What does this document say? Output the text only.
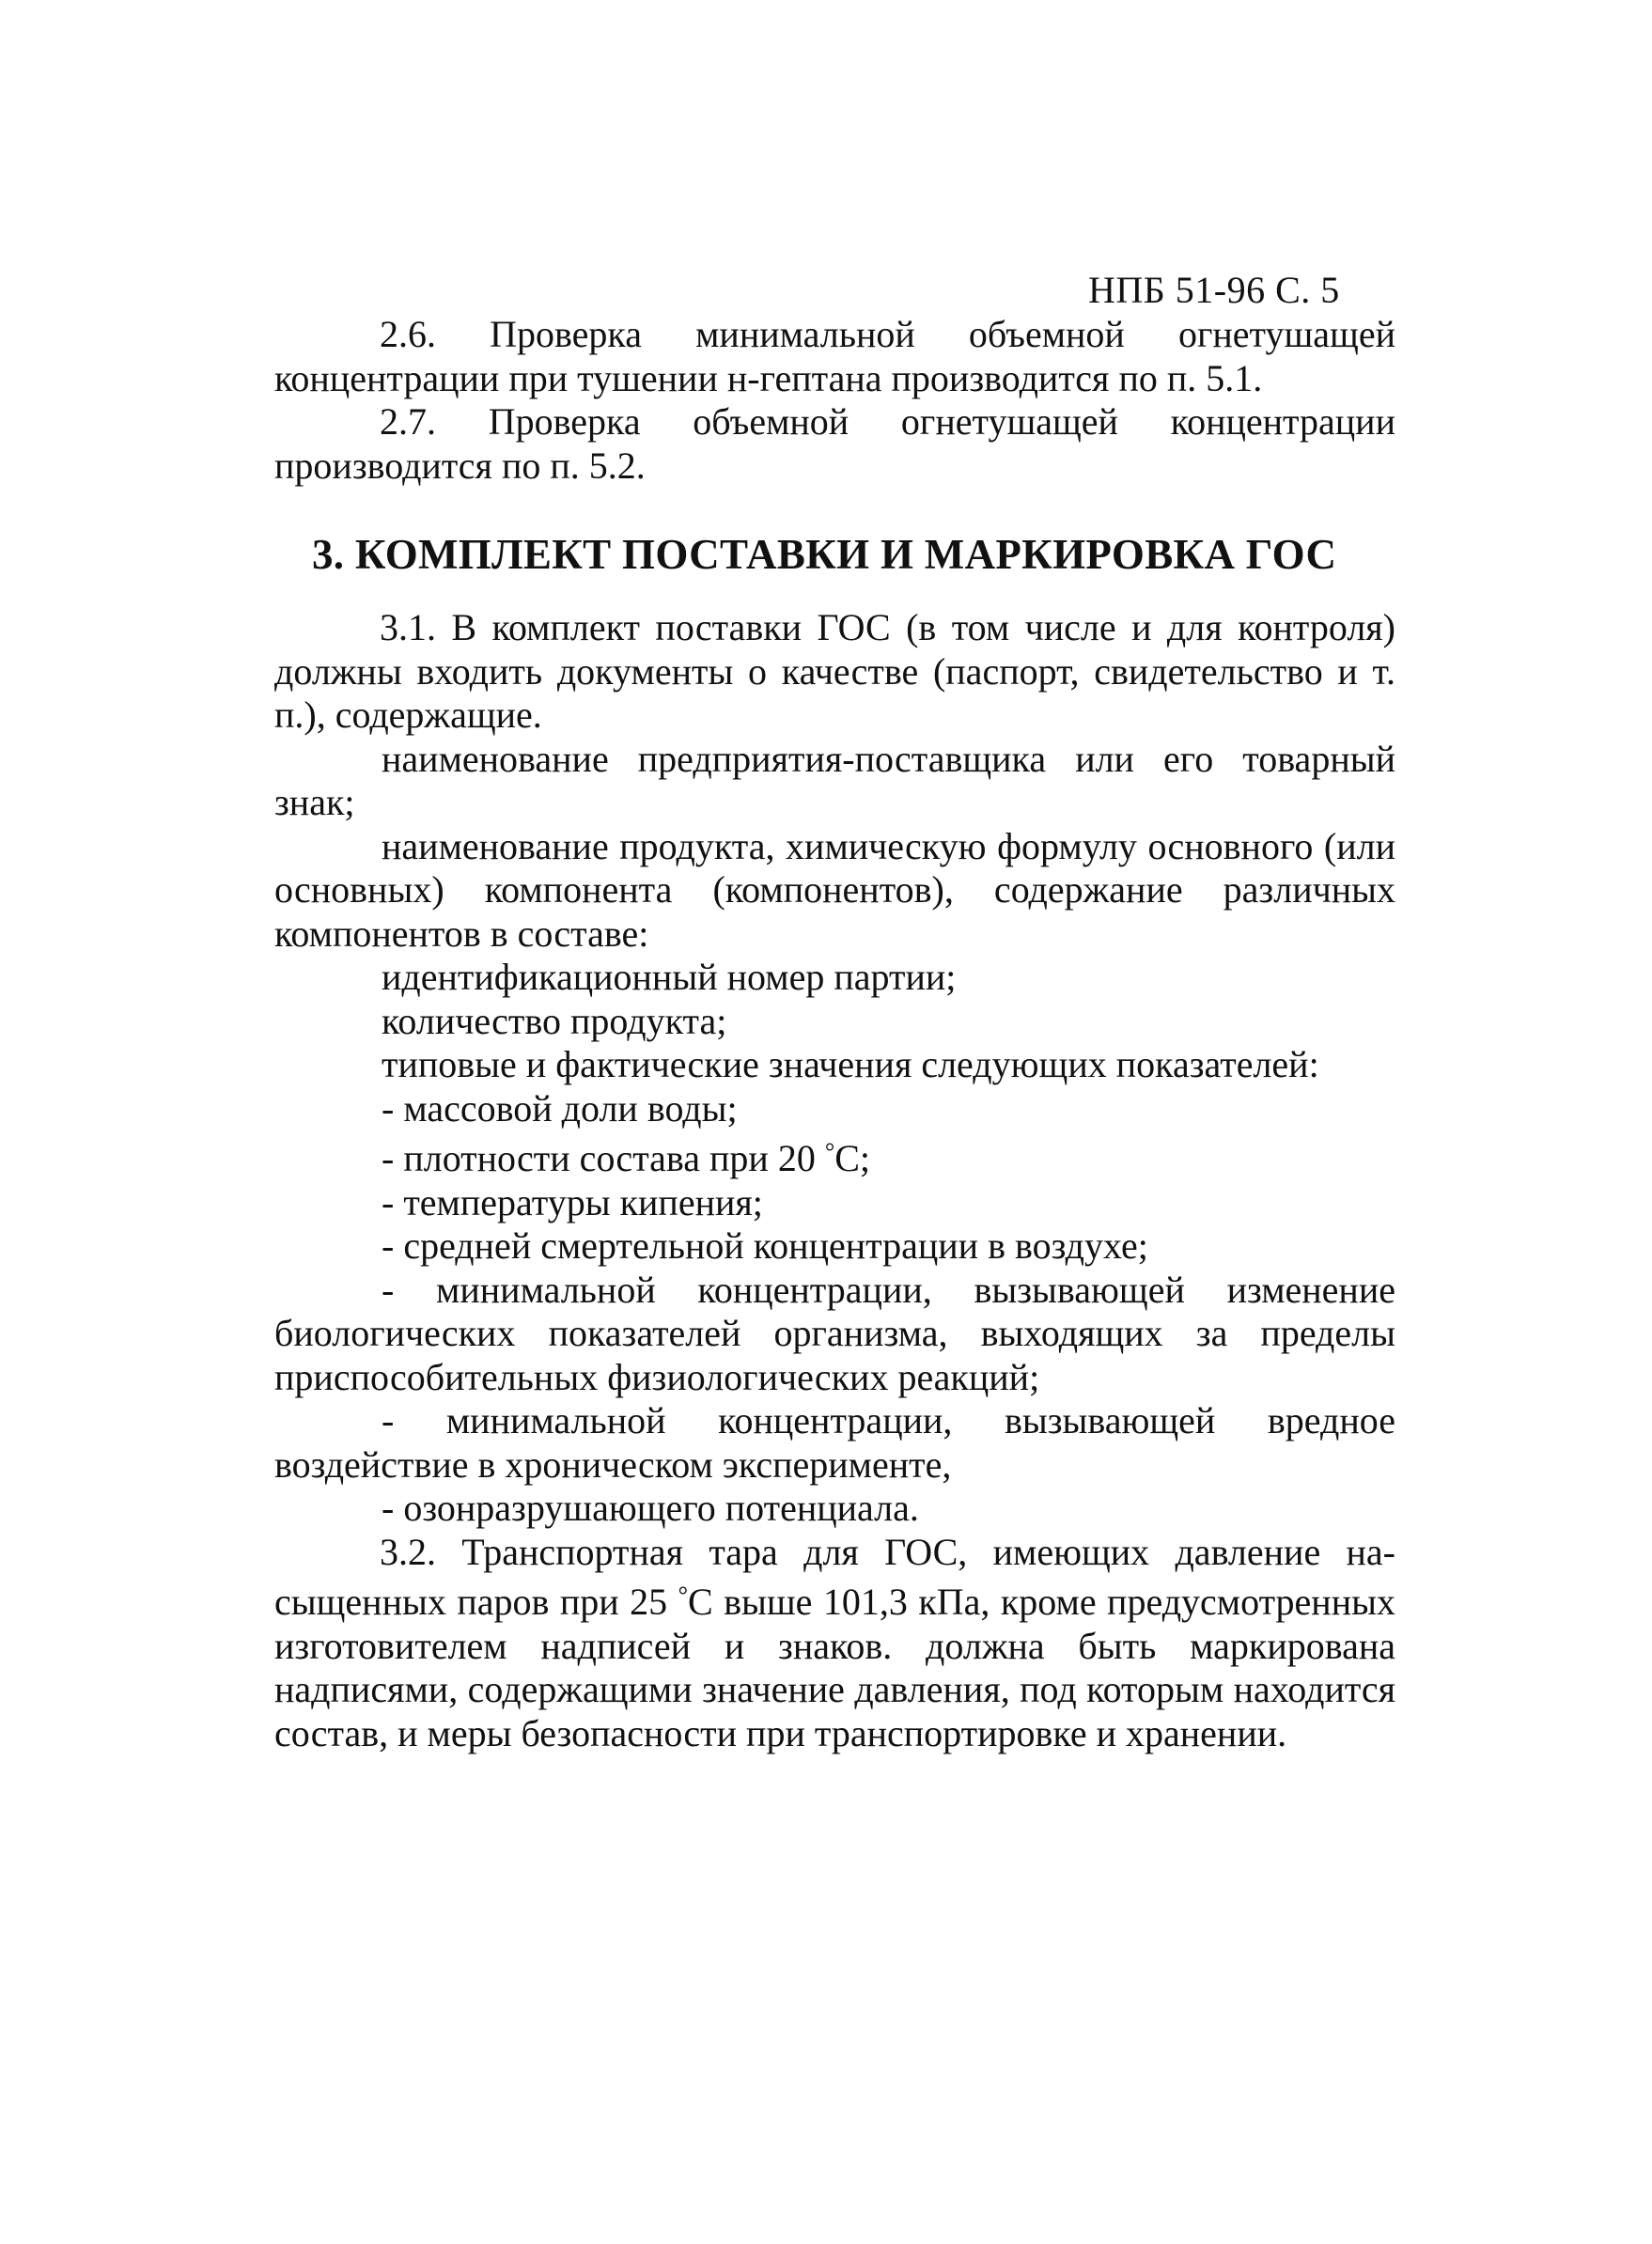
НПБ 51-96 С. 5

2.6. Проверка минимальной объемной огнетушащей концентрации при тушении н-гептана производится по п. 5.1.

2.7. Проверка объемной огнетушащей концентрации производится по п. 5.2.

3. КОМПЛЕКТ ПОСТАВКИ И МАРКИРОВКА ГОС

3.1. В комплект поставки ГОС (в том числе и для контроля) должны входить документы о качестве (паспорт, свидетельство и т. п.), содержащие.

наименование предприятия-поставщика или его товарный знак;

наименование продукта, химическую формулу основного (или основных) компонента (компонентов), содержание различных компонентов в составе:

идентификационный номер партии;

количество продукта;

типовые и фактические значения следующих показателей:

- массовой доли воды;

- плотности состава при 20 °С;

- температуры кипения;

- средней смертельной концентрации в воздухе;

- минимальной концентрации, вызывающей изменение биологических показателей организма, выходящих за пределы приспособительных физиологических реакций;

- минимальной концентрации, вызывающей вредное воздействие в хроническом эксперименте,

- озонразрушающего потенциала.

3.2. Транспортная тара для ГОС, имеющих давление насыщенных паров при 25 °С выше 101,3 кПа, кроме предусмотренных изготовителем надписей и знаков. должна быть маркирована надписями, содержащими значение давления, под которым находится состав, и меры безопасности при транспортировке и хранении.
